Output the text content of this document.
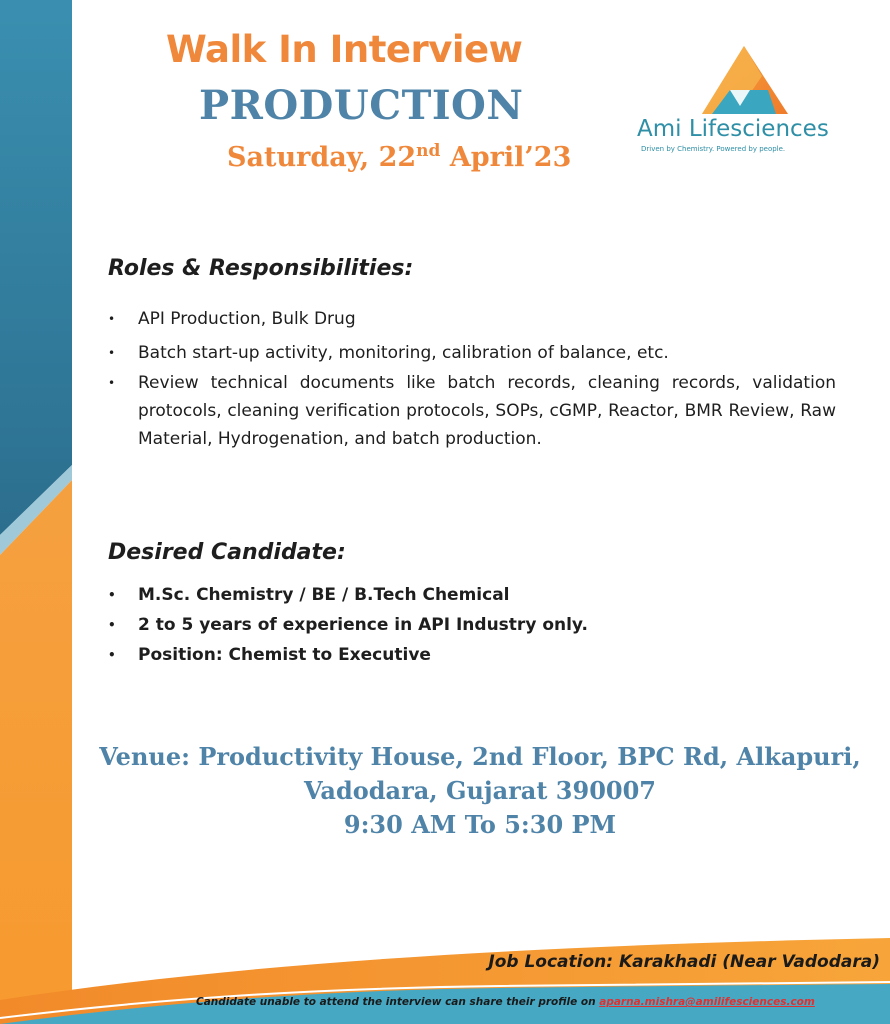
Walk In Interview
PRODUCTION
Saturday, 22nd April’23
Ami Lifesciences
Driven by Chemistry. Powered by people.
Roles & Responsibilities:
• API Production, Bulk Drug
• Batch start-up activity, monitoring, calibration of balance, etc.
• Review technical documents like batch records, cleaning records, validation protocols, cleaning verification protocols, SOPs, cGMP, Reactor, BMR Review, Raw Material, Hydrogenation, and batch production.
Desired Candidate:
• M.Sc. Chemistry / BE / B.Tech Chemical
• 2 to 5 years of experience in API Industry only.
• Position: Chemist to Executive
Venue: Productivity House, 2nd Floor, BPC Rd, Alkapuri,
Vadodara, Gujarat 390007
9:30 AM To 5:30 PM
Job Location: Karakhadi (Near Vadodara)
Candidate unable to attend the interview can share their profile on aparna.mishra@amilifesciences.com
